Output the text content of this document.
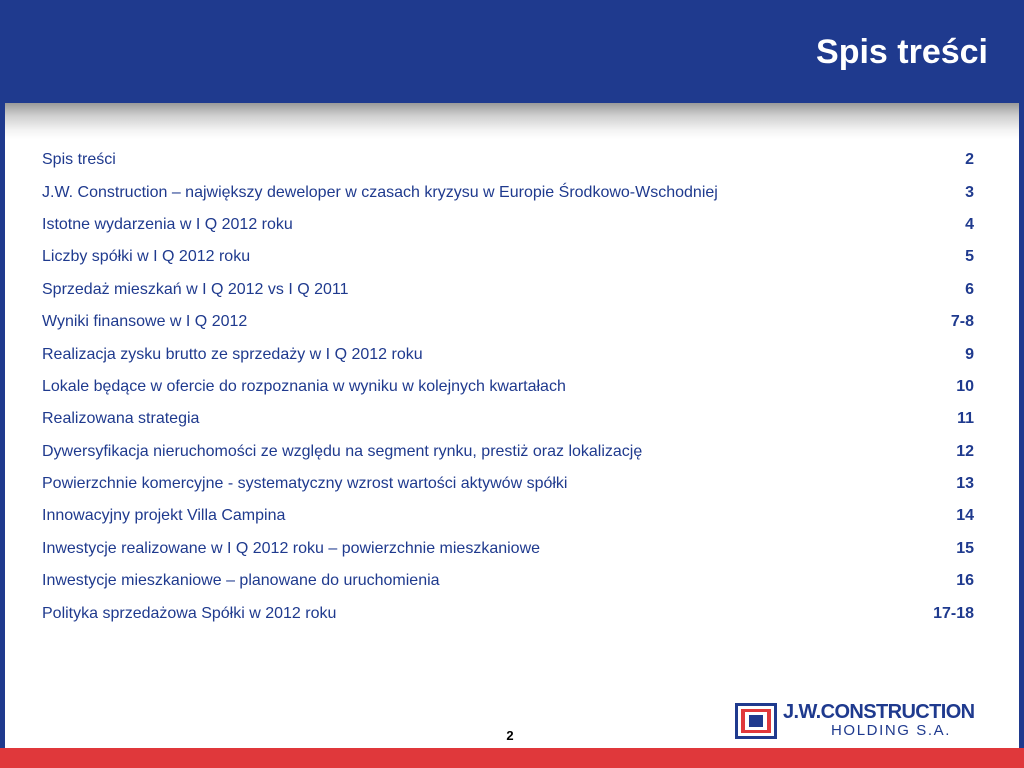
Spis treści
Spis treści	2
J.W. Construction – największy deweloper w czasach kryzysu w Europie Środkowo-Wschodniej	3
Istotne wydarzenia w I Q 2012 roku	4
Liczby spółki w I Q 2012 roku	5
Sprzedaż mieszkań w I Q 2012 vs I Q 2011	6
Wyniki finansowe w I Q 2012	7-8
Realizacja zysku brutto ze sprzedaży w I Q 2012 roku	9
Lokale będące w ofercie do rozpoznania w wyniku w kolejnych kwartałach	10
Realizowana strategia	11
Dywersyfikacja nieruchomości ze względu na segment rynku, prestiż oraz lokalizację	12
Powierzchnie komercyjne - systematyczny wzrost wartości aktywów spółki	13
Innowacyjny projekt Villa Campina	14
Inwestycje realizowane w I Q 2012 roku – powierzchnie mieszkaniowe	15
Inwestycje mieszkaniowe – planowane do uruchomienia	16
Polityka sprzedażowa Spółki w 2012 roku	17-18
2
J.W.CONSTRUCTION
HOLDING S.A.
